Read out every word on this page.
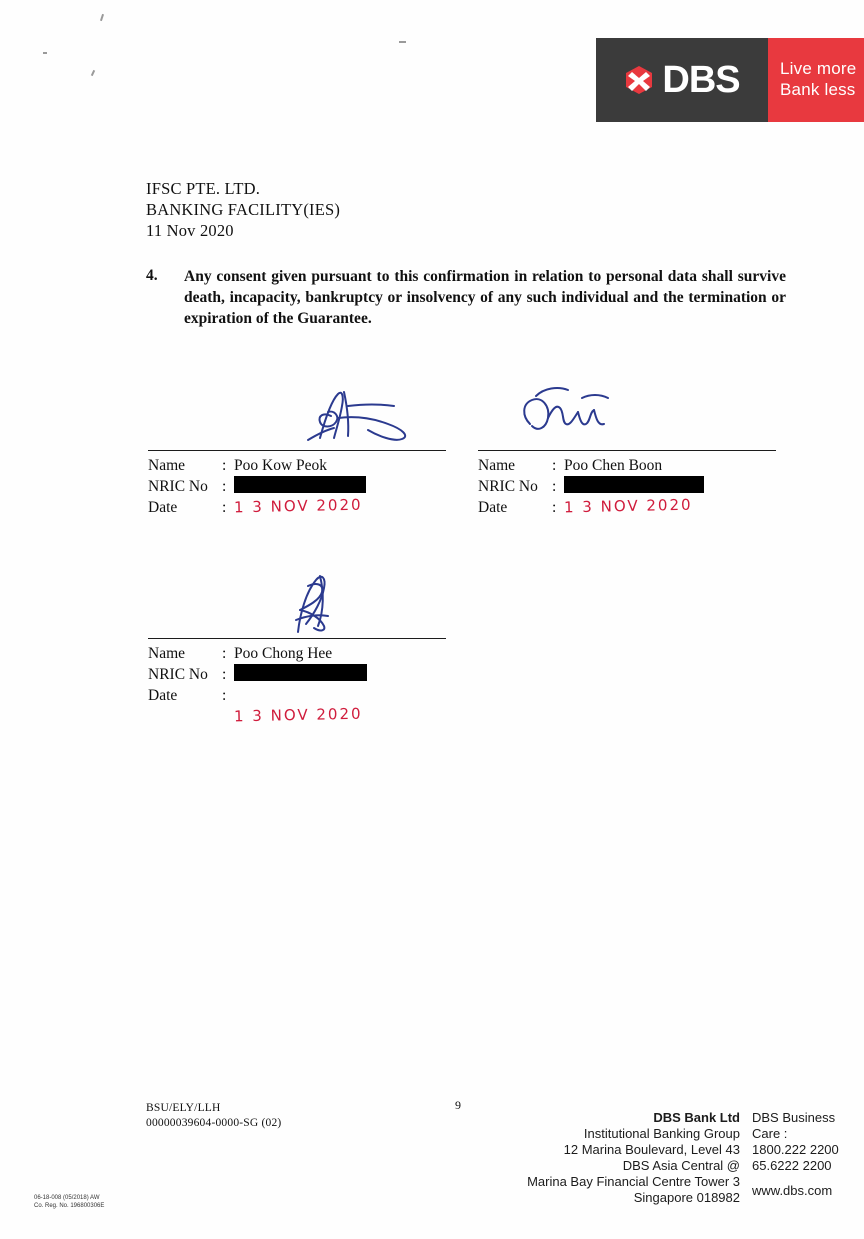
DBS Live more
Bank less
IFSC PTE. LTD.
BANKING FACILITY(IES)
11 Nov 2020
4. Any consent given pursuant to this confirmation in relation to personal data shall survive death, incapacity, bankruptcy or insolvency of any such individual and the termination or expiration of the Guarantee.
Name	: Poo Kow Peok
NRIC No :
Date	: 1 3 NOV 2020
Name	: Poo Chen Boon
NRIC No :
Date	: 1 3 NOV 2020
Name	: Poo Chong Hee
NRIC No :
Date	:
1 3 NOV 2020
BSU/ELY/LLH
00000039604-0000-SG (02)
9
DBS Bank Ltd
Institutional Banking Group
12 Marina Boulevard, Level 43
DBS Asia Central @
Marina Bay Financial Centre Tower 3
Singapore 018982
DBS Business Care :
1800.222 2200
65.6222 2200
www.dbs.com
06-18-008 (05/2018) AW
Co. Reg. No. 196800306E
